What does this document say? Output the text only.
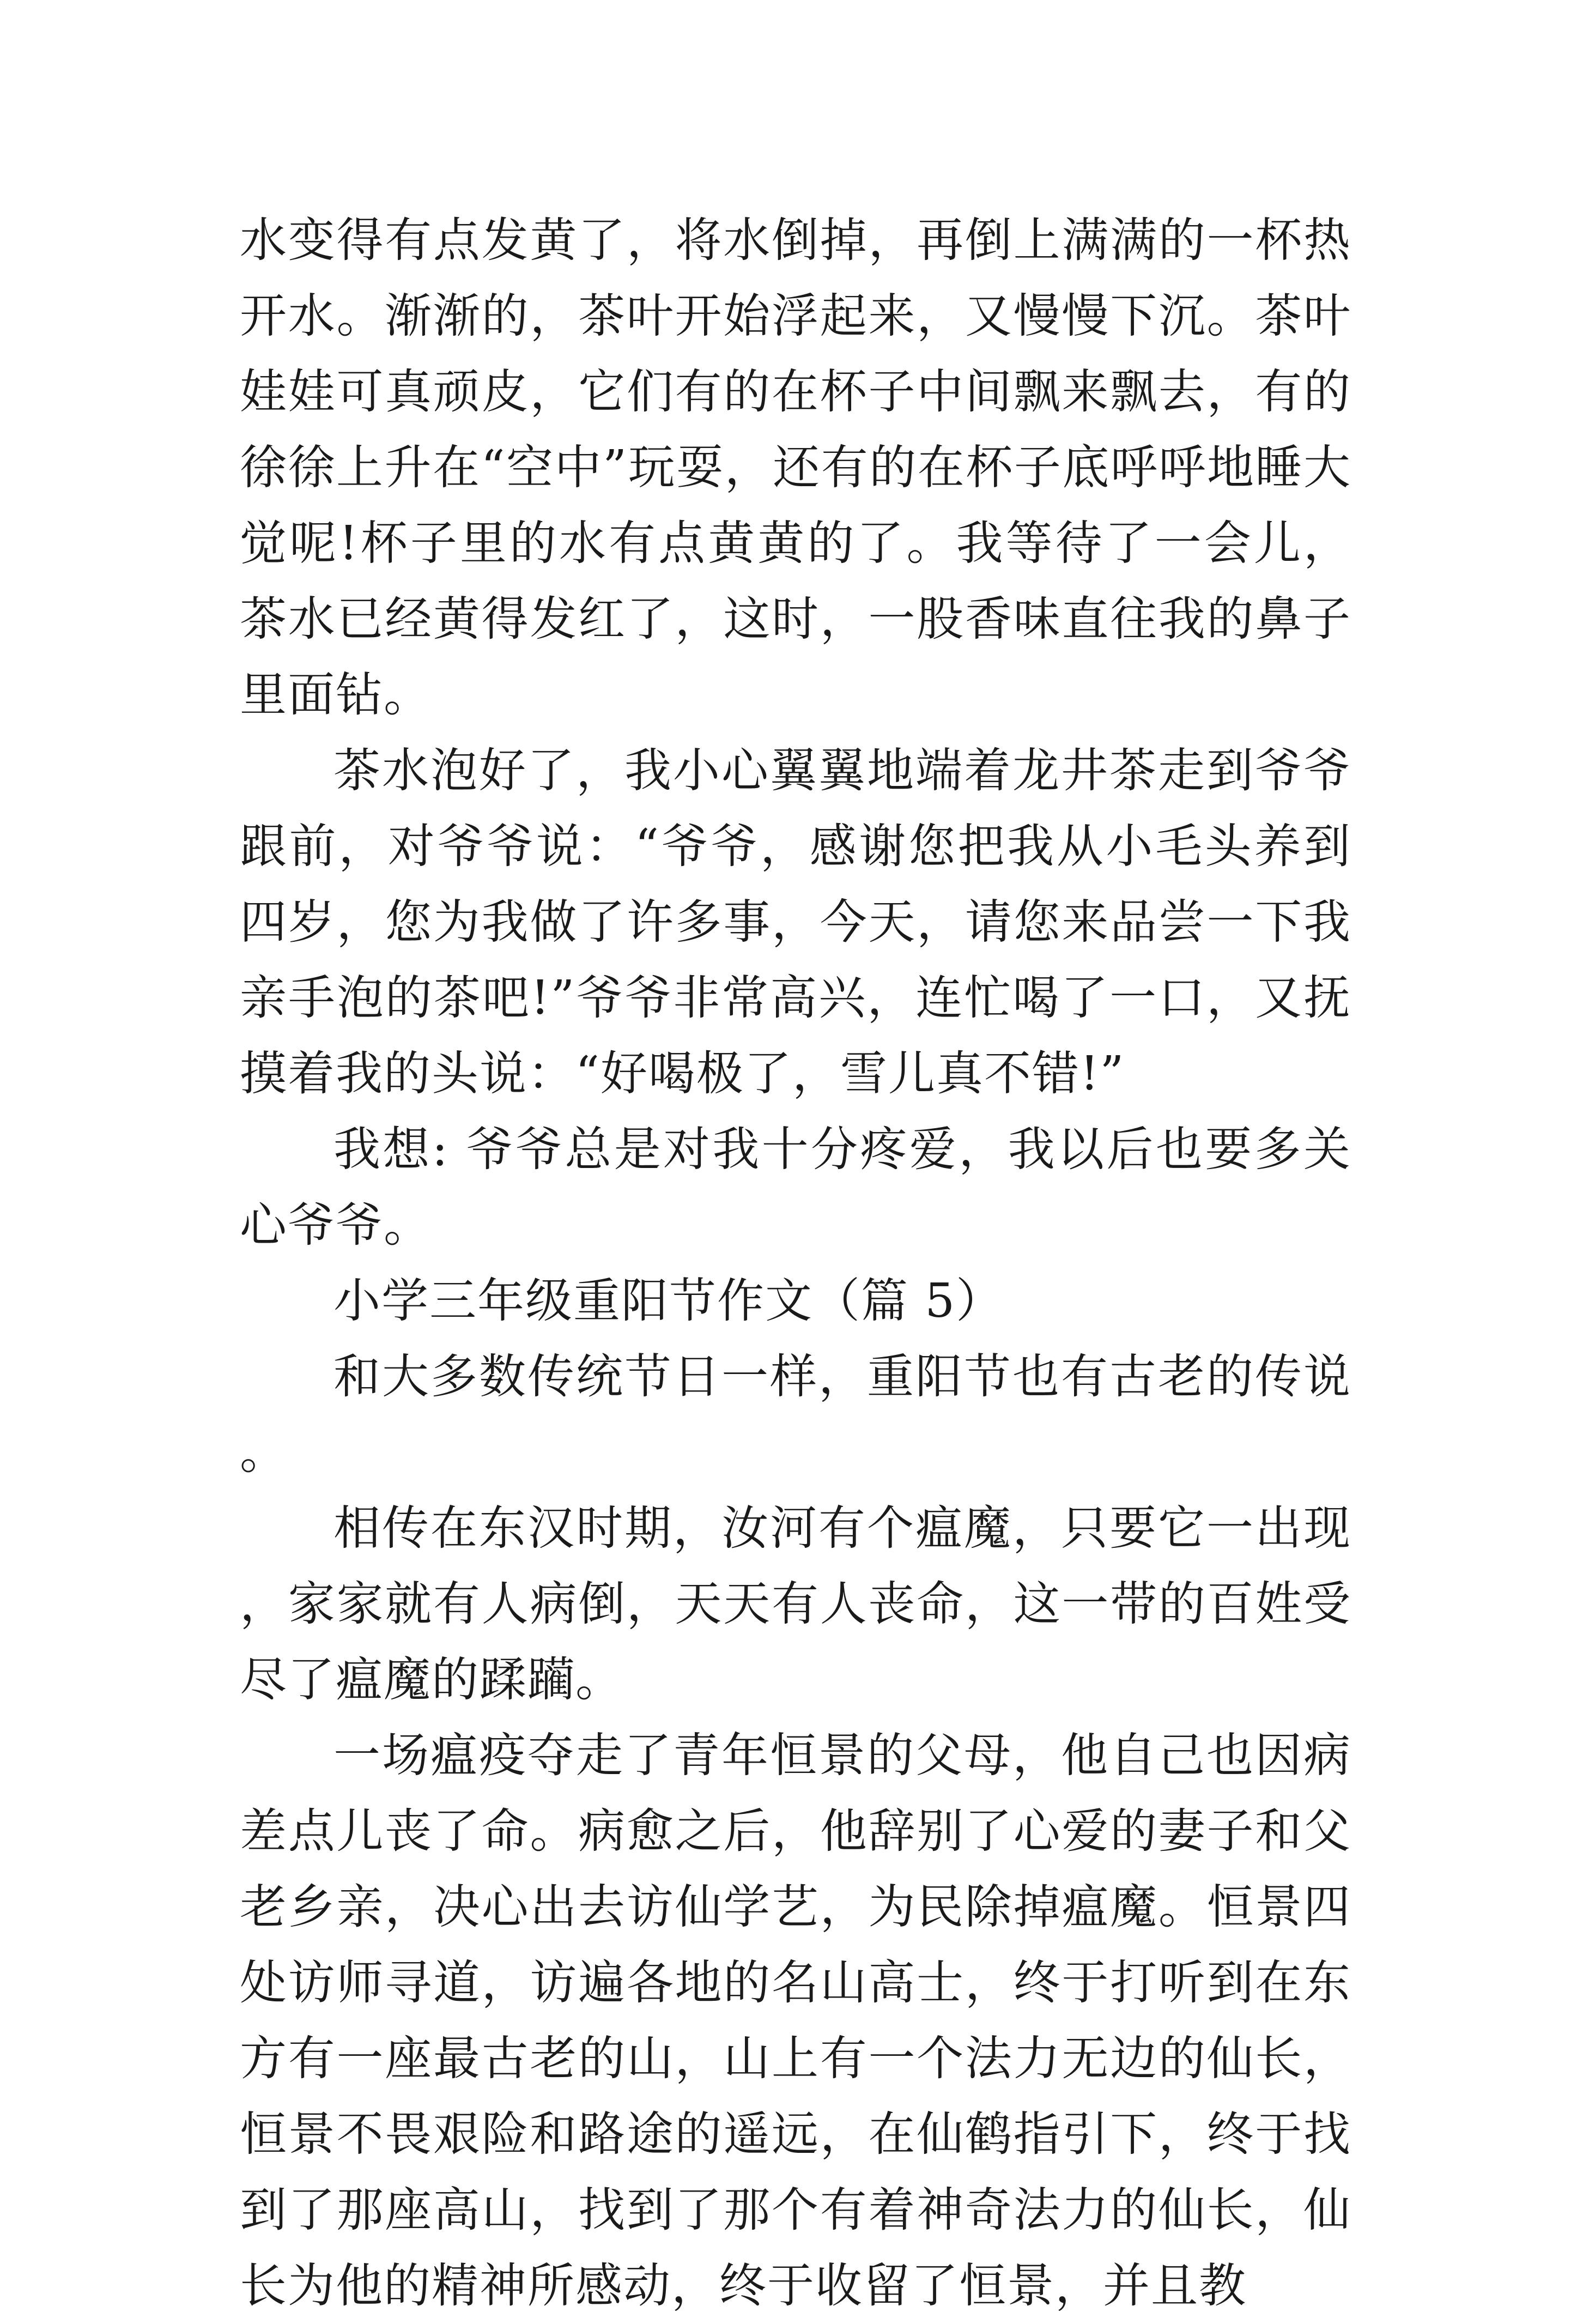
水变得有点发黄了，将水倒掉，再倒上满满的一杯热开水。渐渐的，茶叶开始浮起来，又慢慢下沉。茶叶娃娃可真顽皮，它们有的在杯子中间飘来飘去，有的徐徐上升在“空中”玩耍，还有的在杯子底呼呼地睡大觉呢!杯子里的水有点黄黄的了。我等待了一会儿，茶水已经黄得发红了，这时，一股香味直往我的鼻子里面钻。

茶水泡好了，我小心翼翼地端着龙井茶走到爷爷跟前，对爷爷说：“爷爷，感谢您把我从小毛头养到四岁，您为我做了许多事，今天，请您来品尝一下我亲手泡的茶吧!”爷爷非常高兴，连忙喝了一口，又抚摸着我的头说：“好喝极了，雪儿真不错!”

我想: 爷爷总是对我十分疼爱，我以后也要多关心爷爷。

小学三年级重阳节作文（篇 5）

和大多数传统节日一样，重阳节也有古老的传说。

相传在东汉时期，汝河有个瘟魔，只要它一出现，家家就有人病倒，天天有人丧命，这一带的百姓受尽了瘟魔的蹂躏。

一场瘟疫夺走了青年恒景的父母，他自己也因病差点儿丧了命。病愈之后，他辞别了心爱的妻子和父老乡亲，决心出去访仙学艺，为民除掉瘟魔。恒景四处访师寻道，访遍各地的名山高士，终于打听到在东方有一座最古老的山，山上有一个法力无边的仙长，恒景不畏艰险和路途的遥远，在仙鹤指引下，终于找到了那座高山，找到了那个有着神奇法力的仙长，仙长为他的精神所感动，终于收留了恒景，并且教
